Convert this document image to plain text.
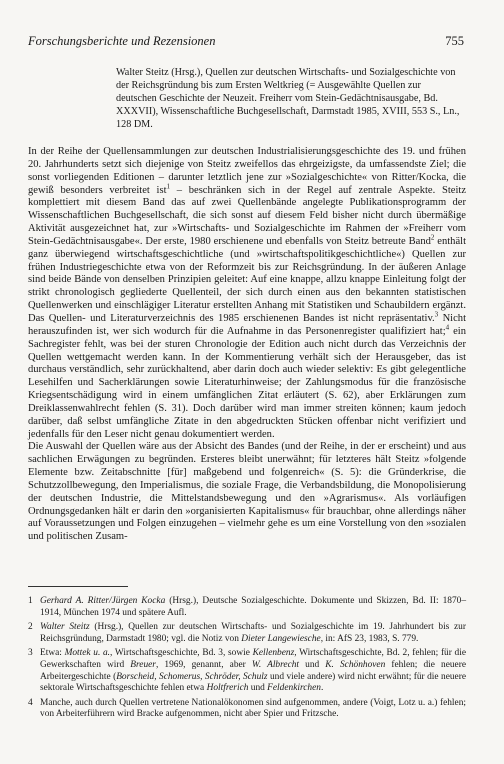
Forschungsberichte und Rezensionen	755

Walter Steitz (Hrsg.), Quellen zur deutschen Wirtschafts- und Sozialgeschichte von der Reichsgründung bis zum Ersten Weltkrieg (= Ausgewählte Quellen zur deutschen Geschichte der Neuzeit. Freiherr vom Stein-Gedächtnisausgabe, Bd. XXXVII), Wissenschaftliche Buchgesellschaft, Darmstadt 1985, XVIII, 553 S., Ln., 128 DM.

In der Reihe der Quellensammlungen zur deutschen Industrialisierungsgeschichte des 19. und frühen 20. Jahrhunderts setzt sich diejenige von Steitz zweifellos das ehrgeizigste, da umfassendste Ziel; die sonst vorliegenden Editionen – darunter letztlich jene zur »Sozialgeschichte« von Ritter/Kocka, die gewiß besonders verbreitet ist$^1$ – beschränken sich in der Regel auf zentrale Aspekte. Steitz komplettiert mit diesem Band das auf zwei Quellenbände angelegte Publikationsprogramm der Wissenschaftlichen Buchgesellschaft, die sich sonst auf diesem Feld bisher nicht durch übermäßige Aktivität ausgezeichnet hat, zur »Wirtschafts- und Sozialgeschichte im Rahmen der »Freiherr vom Stein-Gedächtnisausgabe«. Der erste, 1980 erschienene und ebenfalls von Steitz betreute Band$^2$ enthält ganz überwiegend wirtschaftsgeschichtliche (und »wirtschaftspolitikgeschichtliche«) Quellen zur frühen Industriegeschichte etwa von der Reformzeit bis zur Reichsgründung. In der äußeren Anlage sind beide Bände von denselben Prinzipien geleitet: Auf eine knappe, allzu knappe Einleitung folgt der strikt chronologisch gegliederte Quellenteil, der sich durch einen aus den bekannten statistischen Quellenwerken und einschlägiger Literatur erstellten Anhang mit Statistiken und Schaubildern ergänzt. Das Quellen- und Literaturverzeichnis des 1985 erschienenen Bandes ist nicht repräsentativ.$^3$ Nicht herauszufinden ist, wer sich wodurch für die Aufnahme in das Personenregister qualifiziert hat;$^4$ ein Sachregister fehlt, was bei der sturen Chronologie der Edition auch nicht durch das Verzeichnis der Quellen wettgemacht werden kann. In der Kommentierung verhält sich der Herausgeber, das ist durchaus verständlich, sehr zurückhaltend, aber darin doch auch wieder selektiv: Es gibt gelegentliche Lesehilfen und Sacherklärungen sowie Literaturhinweise; der Zahlungsmodus für die französische Kriegsentschädigung wird in einem umfänglichen Zitat erläutert (S. 62), aber Erklärungen zum Dreiklassenwahlrecht fehlen (S. 31). Doch darüber wird man immer streiten können; kaum jedoch darüber, daß selbst umfängliche Zitate in den abgedruckten Stücken offenbar nicht verifiziert und jedenfalls für den Leser nicht genau dokumentiert werden.

Die Auswahl der Quellen wäre aus der Absicht des Bandes (und der Reihe, in der er erscheint) und aus sachlichen Erwägungen zu begründen. Ersteres bleibt unerwähnt; für letzteres hält Steitz »folgende Elemente bzw. Zeitabschnitte [für] maßgebend und folgenreich« (S. 5): die Gründerkrise, die Schutzzollbewegung, den Imperialismus, die soziale Frage, die Verbandsbildung, die Monopolisierung der deutschen Industrie, die Mittelstandsbewegung und den »Agrarismus«. Als vorläufigen Ordnungsgedanken hält er darin den »organisierten Kapitalismus« für brauchbar, ohne allerdings näher auf Voraussetzungen und Folgen einzugehen – vielmehr gehe es um eine Vorstellung von den »sozialen und politischen Zusam-

1 Gerhard A. Ritter/Jürgen Kocka (Hrsg.), Deutsche Sozialgeschichte. Dokumente und Skizzen, Bd. II: 1870–1914, München 1974 und spätere Aufl.
2 Walter Steitz (Hrsg.), Quellen zur deutschen Wirtschafts- und Sozialgeschichte im 19. Jahrhundert bis zur Reichsgründung, Darmstadt 1980; vgl. die Notiz von Dieter Langewiesche, in: AfS 23, 1983, S. 779.
3 Etwa: Mottek u. a., Wirtschaftsgeschichte, Bd. 3, sowie Kellenbenz, Wirtschaftsgeschichte, Bd. 2, fehlen; für die Gewerkschaften wird Breuer, 1969, genannt, aber W. Albrecht und K. Schönhoven fehlen; die neuere Arbeitergeschichte (Borscheid, Schomerus, Schröder, Schulz und viele andere) wird nicht erwähnt; für die neuere sektorale Wirtschaftsgeschichte fehlen etwa Holtfrerich und Feldenkirchen.
4 Manche, auch durch Quellen vertretene Nationalökonomen sind aufgenommen, andere (Voigt, Lotz u. a.) fehlen; von Arbeiterführern wird Bracke aufgenommen, nicht aber Spier und Fritzsche.
